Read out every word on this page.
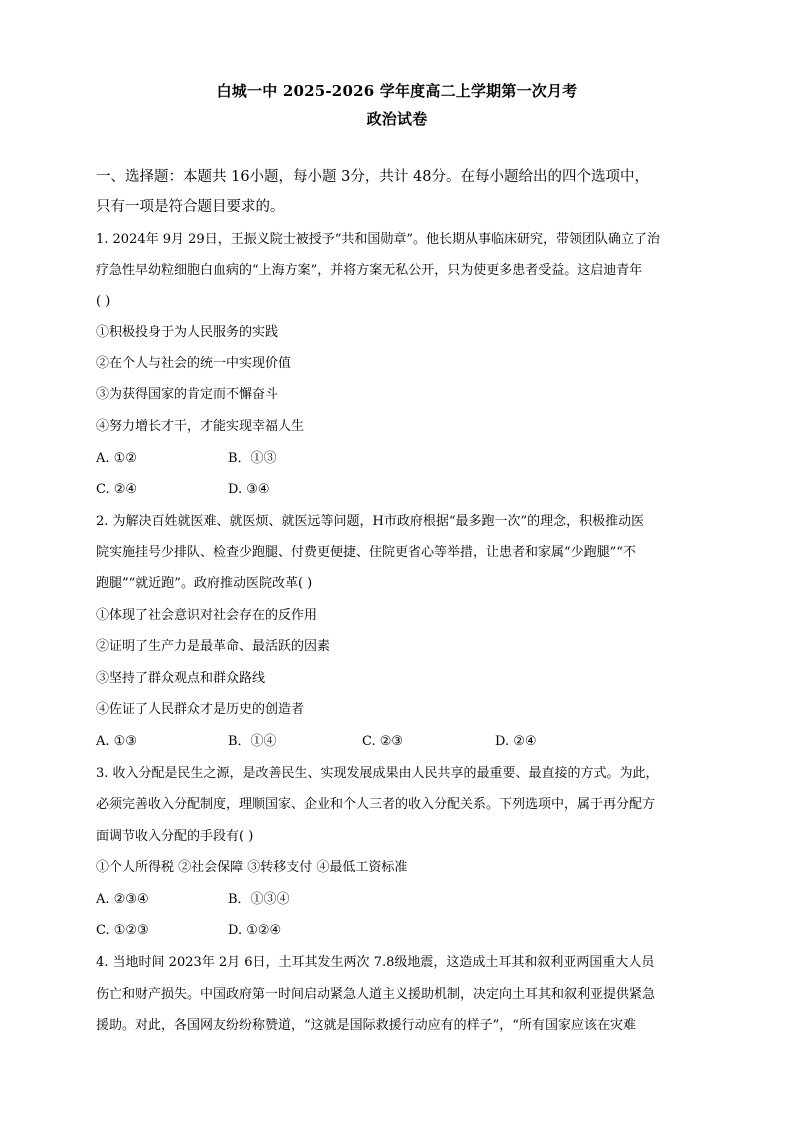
白城一中 2025-2026 学年度高二上学期第一次月考
政治试卷
一、选择题：本题共 16小题，每小题 3分，共计 48分。在每小题给出的四个选项中，
只有一项是符合题目要求的。
1. 2024年 9月 29日，王振义院士被授予“共和国勋章”。他长期从事临床研究，带领团队确立了治
疗急性早幼粒细胞白血病的“上海方案”，并将方案无私公开，只为使更多患者受益。这启迪青年
( )
①积极投身于为人民服务的实践
②在个人与社会的统一中实现价值
③为获得国家的肯定而不懈奋斗
④努力增长才干，才能实现幸福人生
A. ①②	B．①③
C. ②④	D. ③④
2. 为解决百姓就医难、就医烦、就医远等问题，H市政府根据“最多跑一次”的理念，积极推动医
院实施挂号少排队、检查少跑腿、付费更便捷、住院更省心等举措，让患者和家属“少跑腿”“不
跑腿”“就近跑”。政府推动医院改革( )
①体现了社会意识对社会存在的反作用
②证明了生产力是最革命、最活跃的因素
③坚持了群众观点和群众路线
④佐证了人民群众才是历史的创造者
A. ①③	B．①④	C. ②③	D. ②④
3. 收入分配是民生之源，是改善民生、实现发展成果由人民共享的最重要、最直接的方式。为此，
必须完善收入分配制度，理顺国家、企业和个人三者的收入分配关系。下列选项中，属于再分配方
面调节收入分配的手段有( )
①个人所得税 ②社会保障 ③转移支付 ④最低工资标准
A. ②③④	B．①③④
C. ①②③	D. ①②④
4. 当地时间 2023年 2月 6日，土耳其发生两次 7.8级地震，这造成土耳其和叙利亚两国重大人员
伤亡和财产损失。中国政府第一时间启动紧急人道主义援助机制，决定向土耳其和叙利亚提供紧急
援助。对此，各国网友纷纷称赞道，“这就是国际救援行动应有的样子”，“所有国家应该在灾难
